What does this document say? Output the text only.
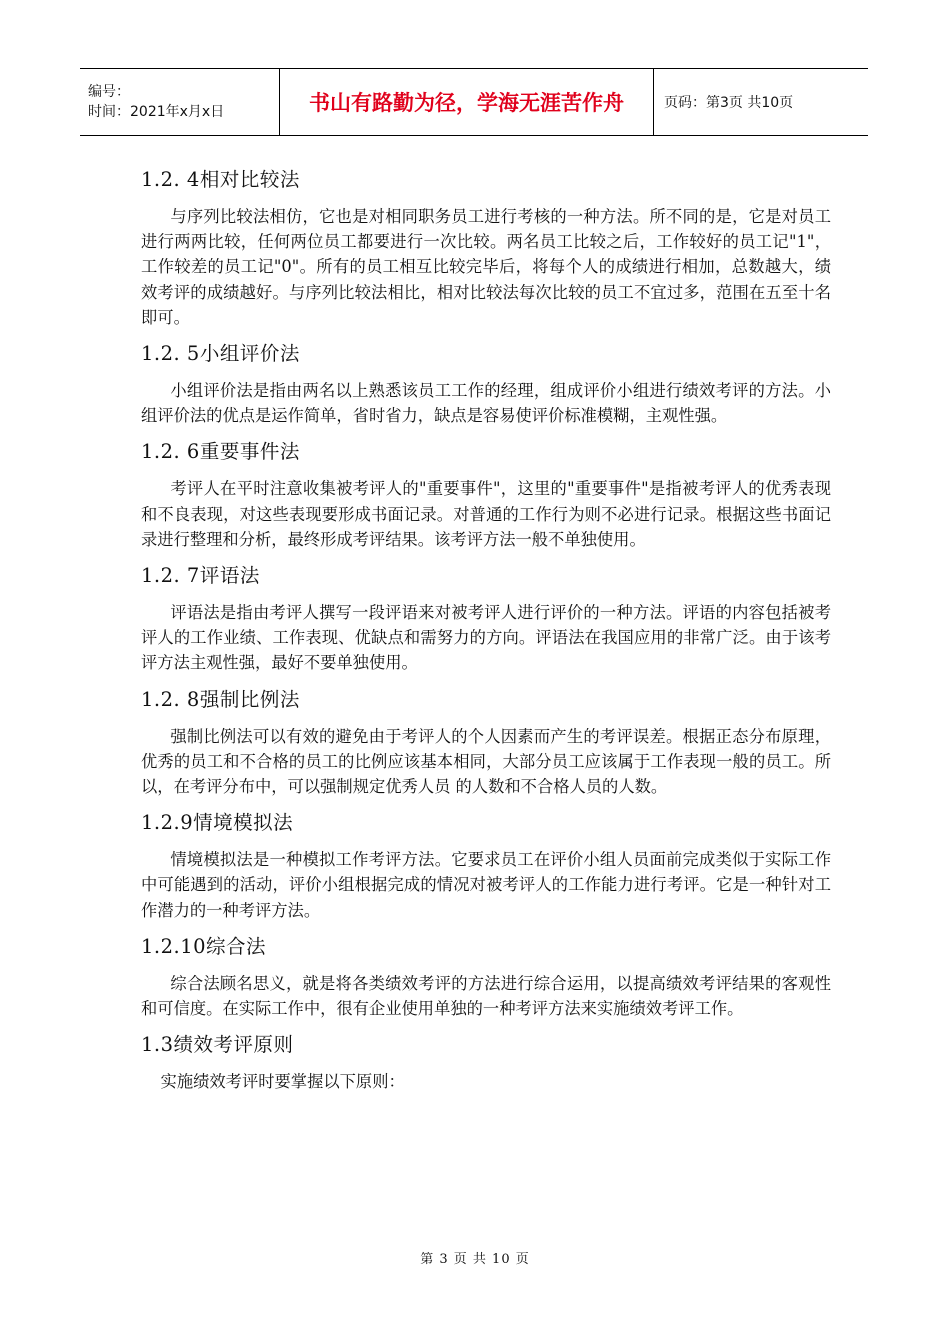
编号：
时间：2021年x月x日	书山有路勤为径，学海无涯苦作舟	页码：第3页 共10页
1.2. 4相对比较法
与序列比较法相仿，它也是对相同职务员工进行考核的一种方法。所不同的是，它是对员工进行两两比较，任何两位员工都要进行一次比较。两名员工比较之后，工作较好的员工记"1"，工作较差的员工记"0"。所有的员工相互比较完毕后，将每个人的成绩进行相加，总数越大，绩效考评的成绩越好。与序列比较法相比，相对比较法每次比较的员工不宜过多，范围在五至十名即可。
1.2. 5小组评价法
小组评价法是指由两名以上熟悉该员工工作的经理，组成评价小组进行绩效考评的方法。小组评价法的优点是运作简单，省时省力，缺点是容易使评价标准模糊，主观性强。
1.2. 6重要事件法
考评人在平时注意收集被考评人的"重要事件"，这里的"重要事件"是指被考评人的优秀表现和不良表现，对这些表现要形成书面记录。对普通的工作行为则不必进行记录。根据这些书面记录进行整理和分析，最终形成考评结果。该考评方法一般不单独使用。
1.2. 7评语法
评语法是指由考评人撰写一段评语来对被考评人进行评价的一种方法。评语的内容包括被考评人的工作业绩、工作表现、优缺点和需努力的方向。评语法在我国应用的非常广泛。由于该考评方法主观性强，最好不要单独使用。
1.2. 8强制比例法
强制比例法可以有效的避免由于考评人的个人因素而产生的考评误差。根据正态分布原理，优秀的员工和不合格的员工的比例应该基本相同，大部分员工应该属于工作表现一般的员工。所以，在考评分布中，可以强制规定优秀人员 的人数和不合格人员的人数。
1.2.9情境模拟法
情境模拟法是一种模拟工作考评方法。它要求员工在评价小组人员面前完成类似于实际工作中可能遇到的活动，评价小组根据完成的情况对被考评人的工作能力进行考评。它是一种针对工作潜力的一种考评方法。
1.2.10综合法
综合法顾名思义，就是将各类绩效考评的方法进行综合运用，以提高绩效考评结果的客观性和可信度。在实际工作中，很有企业使用单独的一种考评方法来实施绩效考评工作。
1.3绩效考评原则
实施绩效考评时要掌握以下原则：
第 3 页 共 10 页
